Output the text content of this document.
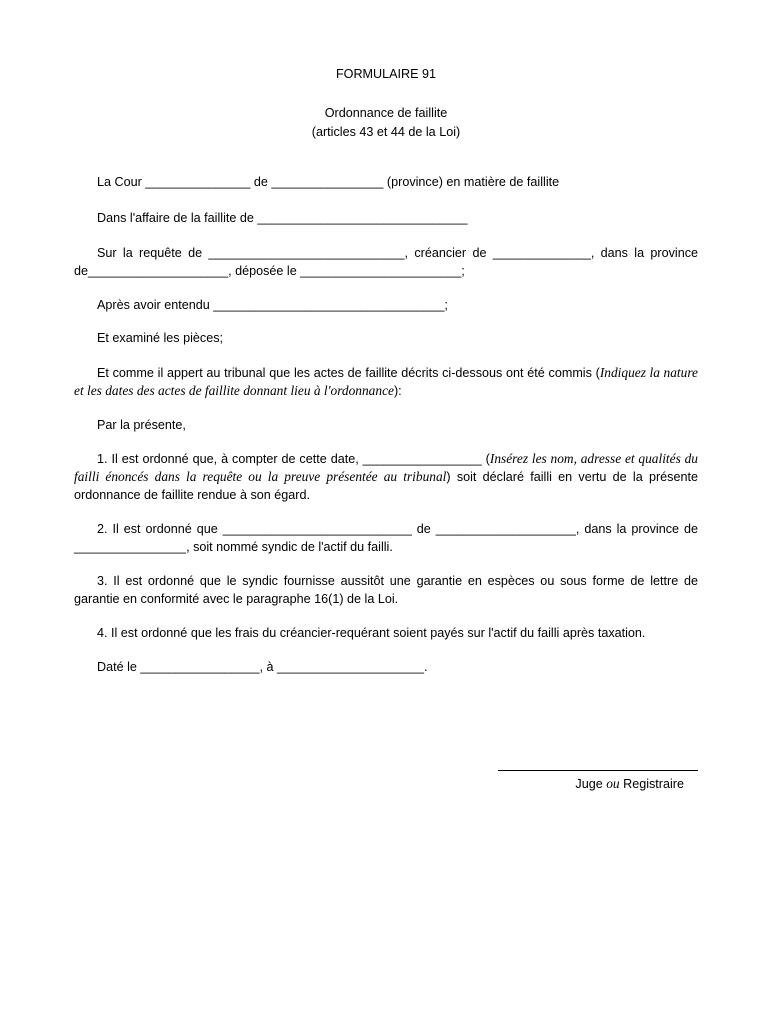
FORMULAIRE 91

Ordonnance de faillite
(articles 43 et 44 de la Loi)

La Cour _______________ de ________________ (province) en matière de faillite

Dans l'affaire de la faillite de ______________________________

Sur la requête de ____________________________, créancier de ______________, dans la province de____________________, déposée le _______________________;

Après avoir entendu _________________________________;

Et examiné les pièces;

Et comme il appert au tribunal que les actes de faillite décrits ci-dessous ont été commis (Indiquez la nature et les dates des actes de faillite donnant lieu à l'ordonnance):

Par la présente,

1. Il est ordonné que, à compter de cette date, _________________ (Insérez les nom, adresse et qualités du failli énoncés dans la requête ou la preuve présentée au tribunal) soit déclaré failli en vertu de la présente ordonnance de faillite rendue à son égard.

2. Il est ordonné que ___________________________ de ____________________, dans la province de ________________, soit nommé syndic de l'actif du failli.

3. Il est ordonné que le syndic fournisse aussitôt une garantie en espèces ou sous forme de lettre de garantie en conformité avec le paragraphe 16(1) de la Loi.

4. Il est ordonné que les frais du créancier-requérant soient payés sur l'actif du failli après taxation.

Daté le _________________, à _____________________.

Juge ou Registraire
